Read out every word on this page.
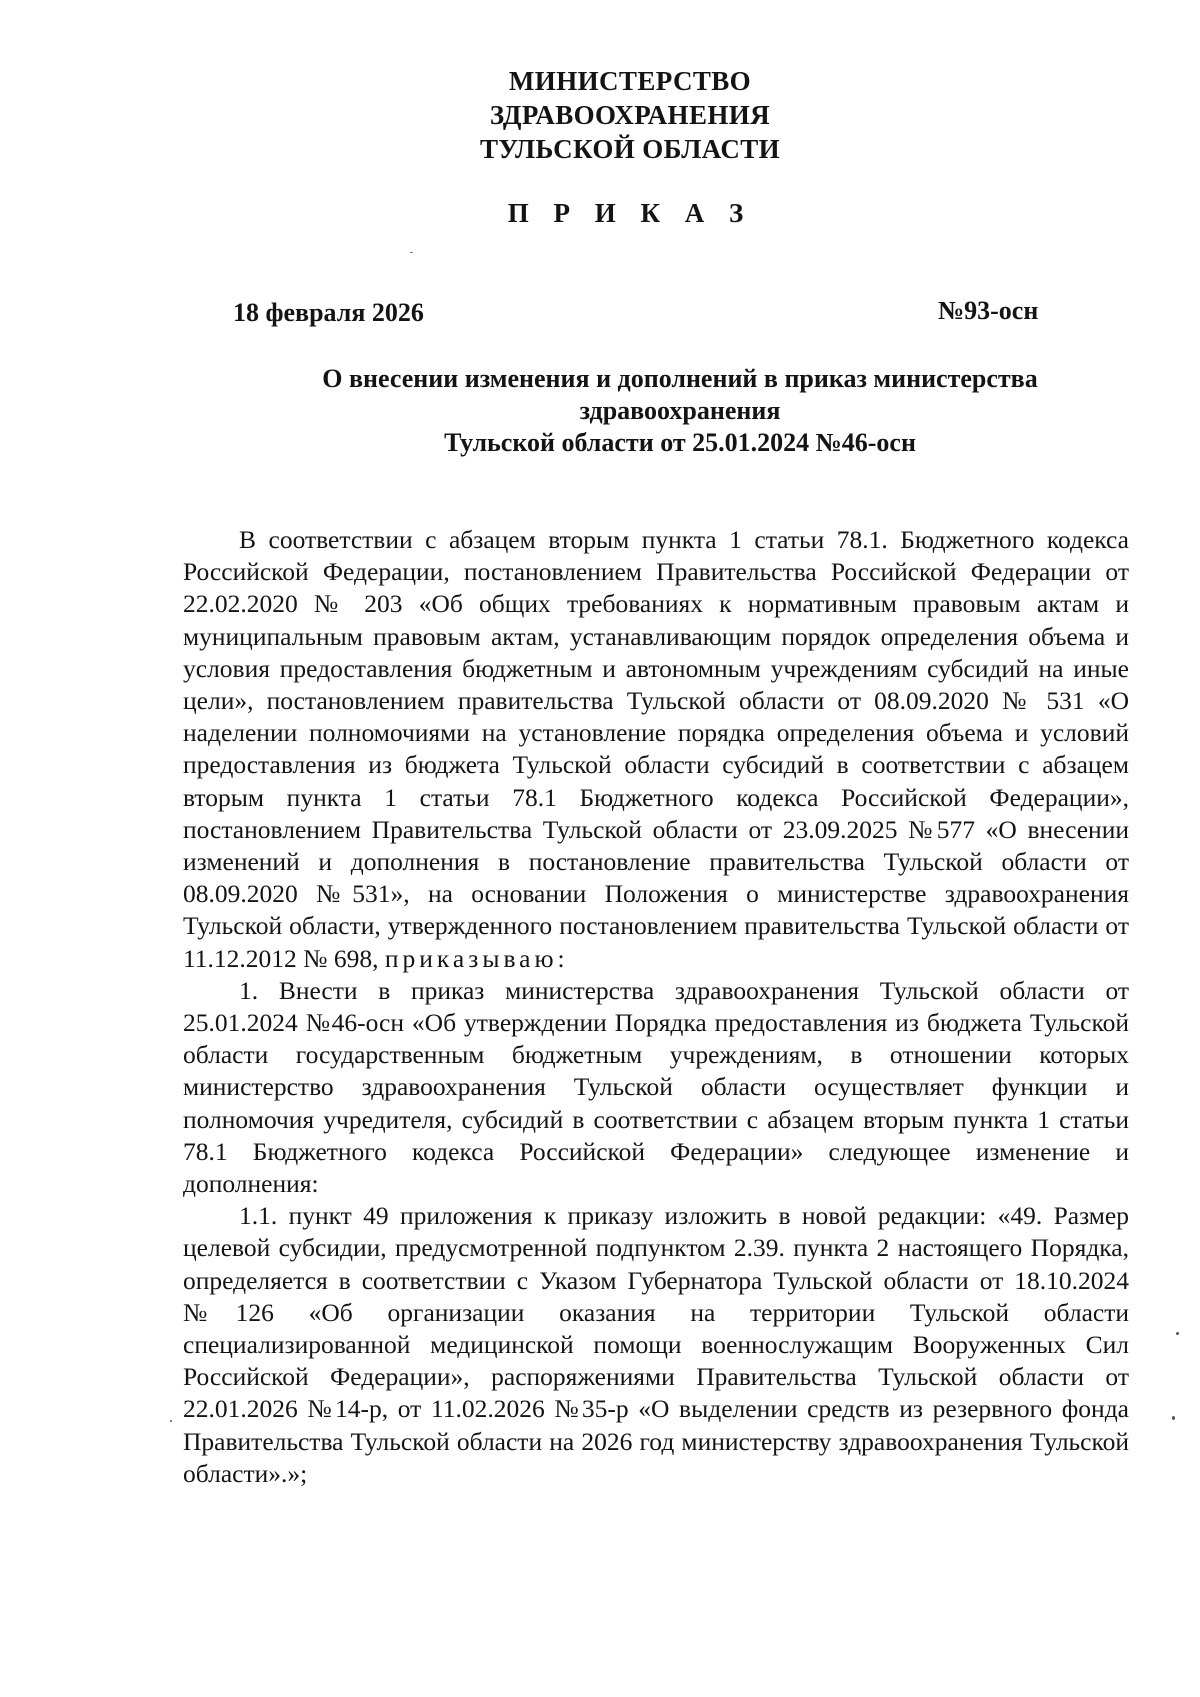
МИНИСТЕРСТВО
ЗДРАВООХРАНЕНИЯ
ТУЛЬСКОЙ ОБЛАСТИ
П Р И К А З
18 февраля 2026	№93-осн
О внесении изменения и дополнений в приказ министерства
здравоохранения
Тульской области от 25.01.2024 №46-осн

В соответствии с абзацем вторым пункта 1 статьи 78.1. Бюджетного кодекса Российской Федерации, постановлением Правительства Российской Федерации от 22.02.2020 № 203 «Об общих требованиях к нормативным правовым актам и муниципальным правовым актам, устанавливающим порядок определения объема и условия предоставления бюджетным и автономным учреждениям субсидий на иные цели», постановлением правительства Тульской области от 08.09.2020 № 531 «О наделении полномочиями на установление порядка определения объема и условий предоставления из бюджета Тульской области субсидий в соответствии с абзацем вторым пункта 1 статьи 78.1 Бюджетного кодекса Российской Федерации», постановлением Правительства Тульской области от 23.09.2025 №577 «О внесении изменений и дополнения в постановление правительства Тульской области от 08.09.2020 №531», на основании Положения о министерстве здравоохранения Тульской области, утвержденного постановлением правительства Тульской области от 11.12.2012 № 698, приказываю:

1. Внести в приказ министерства здравоохранения Тульской области от 25.01.2024 №46-осн «Об утверждении Порядка предоставления из бюджета Тульской области государственным бюджетным учреждениям, в отношении которых министерство здравоохранения Тульской области осуществляет функции и полномочия учредителя, субсидий в соответствии с абзацем вторым пункта 1 статьи 78.1 Бюджетного кодекса Российской Федерации» следующее изменение и дополнения:

1.1. пункт 49 приложения к приказу изложить в новой редакции: «49. Размер целевой субсидии, предусмотренной подпунктом 2.39. пункта 2 настоящего Порядка, определяется в соответствии с Указом Губернатора Тульской области от 18.10.2024 №126 «Об организации оказания на территории Тульской области специализированной медицинской помощи военнослужащим Вооруженных Сил Российской Федерации», распоряжениями Правительства Тульской области от 22.01.2026 №14-р, от 11.02.2026 №35-р «О выделении средств из резервного фонда Правительства Тульской области на 2026 год министерству здравоохранения Тульской области».»;
